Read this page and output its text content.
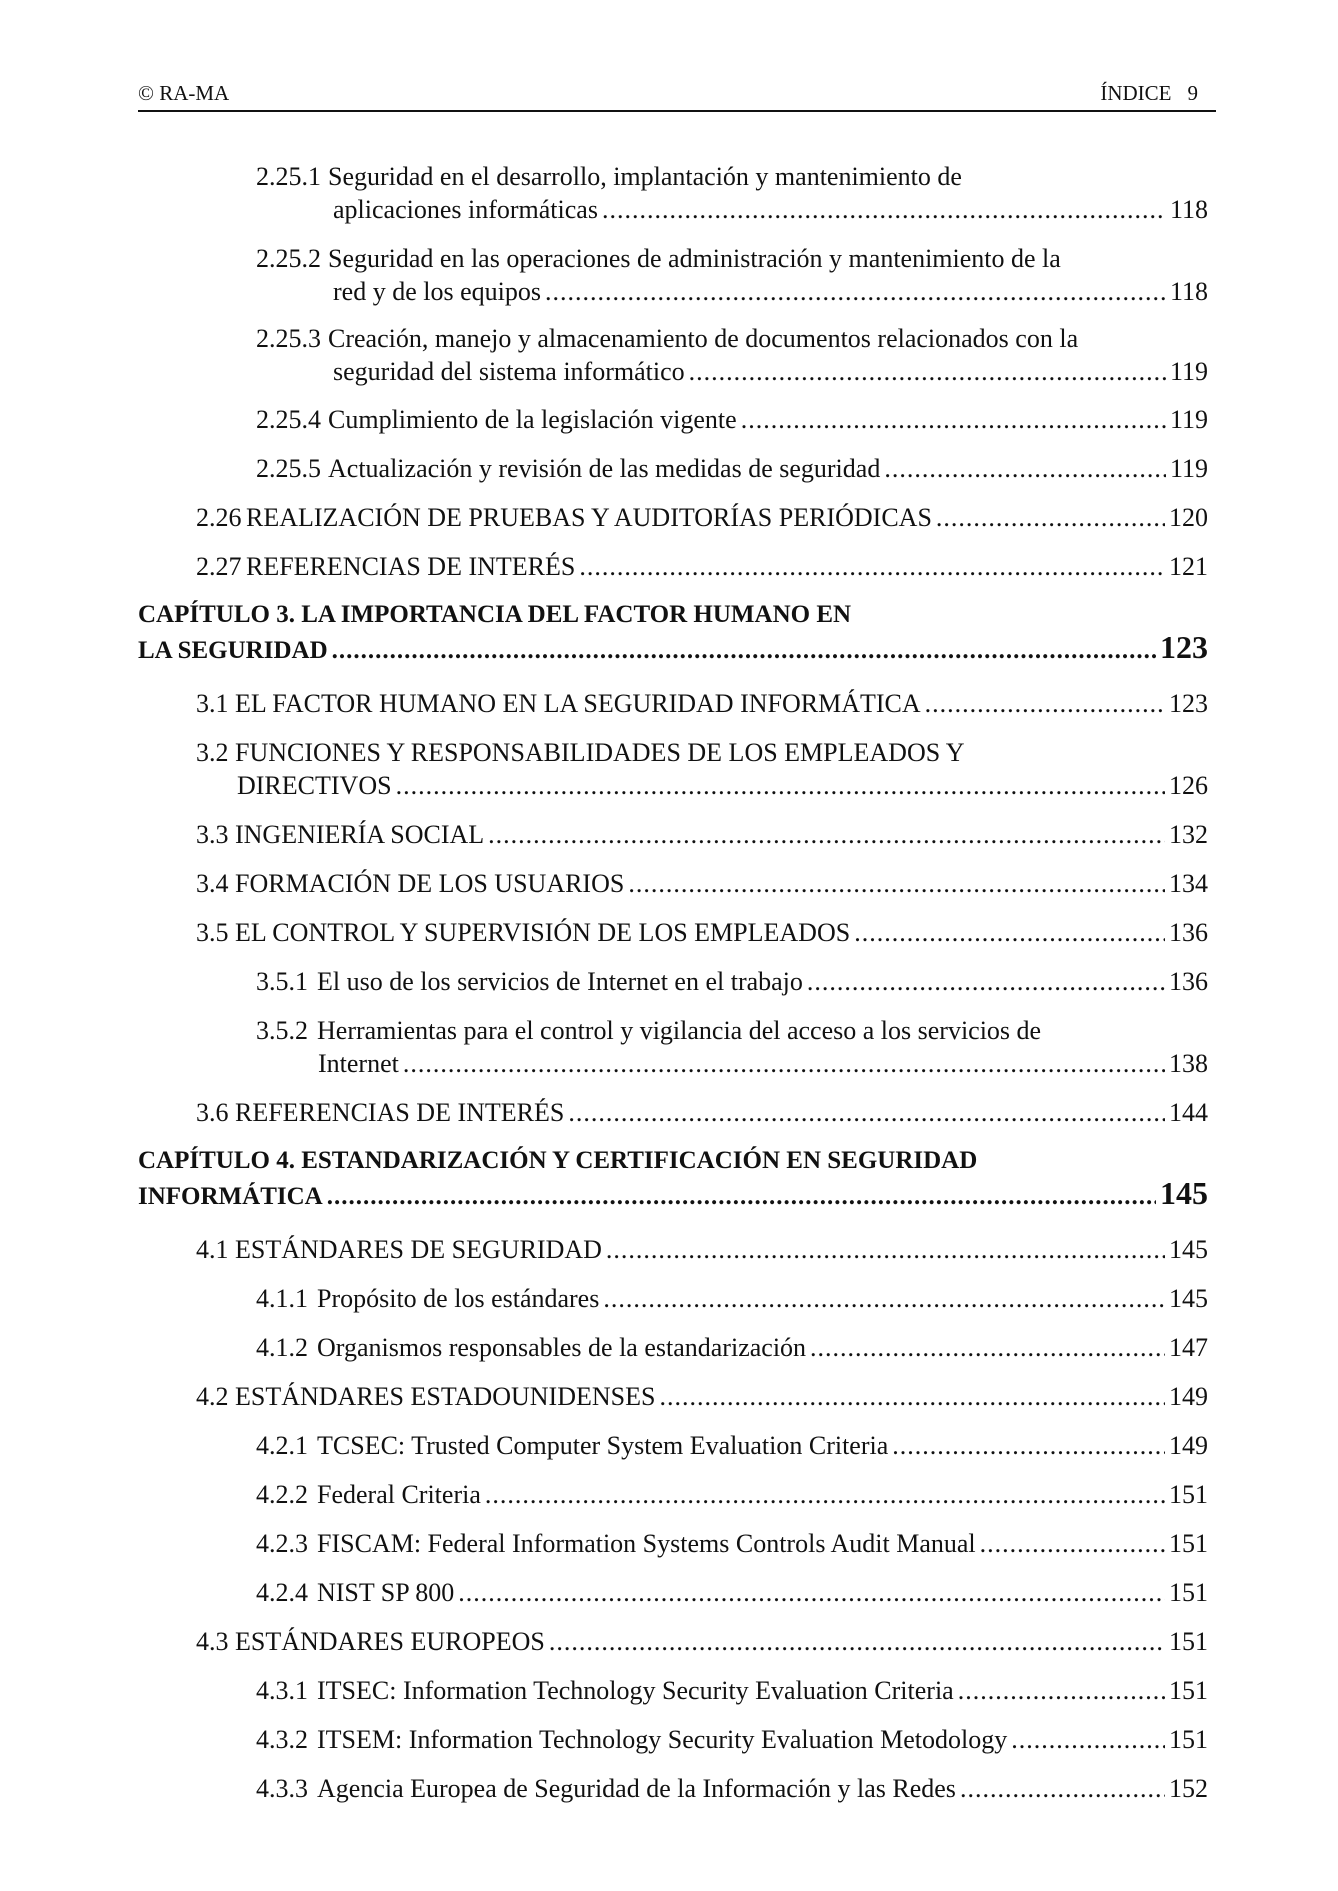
© RA-MA	ÍNDICE 9
2.25.1 Seguridad en el desarrollo, implantación y mantenimiento de
aplicaciones informáticas .....	118
2.25.2 Seguridad en las operaciones de administración y mantenimiento de la
red y de los equipos .....	118
2.25.3 Creación, manejo y almacenamiento de documentos relacionados con la
seguridad del sistema informático .....	119
2.25.4 Cumplimiento de la legislación vigente .....	119
2.25.5 Actualización y revisión de las medidas de seguridad .....	119
2.26 REALIZACIÓN DE PRUEBAS Y AUDITORÍAS PERIÓDICAS .....	120
2.27 REFERENCIAS DE INTERÉS .....	121
CAPÍTULO 3. LA IMPORTANCIA DEL FACTOR HUMANO EN
LA SEGURIDAD .....	123
3.1 EL FACTOR HUMANO EN LA SEGURIDAD INFORMÁTICA .....	123
3.2 FUNCIONES Y RESPONSABILIDADES DE LOS EMPLEADOS Y
DIRECTIVOS .....	126
3.3 INGENIERÍA SOCIAL .....	132
3.4 FORMACIÓN DE LOS USUARIOS .....	134
3.5 EL CONTROL Y SUPERVISIÓN DE LOS EMPLEADOS .....	136
3.5.1 El uso de los servicios de Internet en el trabajo .....	136
3.5.2 Herramientas para el control y vigilancia del acceso a los servicios de
Internet .....	138
3.6 REFERENCIAS DE INTERÉS .....	144
CAPÍTULO 4. ESTANDARIZACIÓN Y CERTIFICACIÓN EN SEGURIDAD
INFORMÁTICA .....	145
4.1 ESTÁNDARES DE SEGURIDAD .....	145
4.1.1 Propósito de los estándares .....	145
4.1.2 Organismos responsables de la estandarización .....	147
4.2 ESTÁNDARES ESTADOUNIDENSES .....	149
4.2.1 TCSEC: Trusted Computer System Evaluation Criteria .....	149
4.2.2 Federal Criteria .....	151
4.2.3 FISCAM: Federal Information Systems Controls Audit Manual .....	151
4.2.4 NIST SP 800 .....	151
4.3 ESTÁNDARES EUROPEOS .....	151
4.3.1 ITSEC: Information Technology Security Evaluation Criteria .....	151
4.3.2 ITSEM: Information Technology Security Evaluation Metodology .....	151
4.3.3 Agencia Europea de Seguridad de la Información y las Redes .....	152
